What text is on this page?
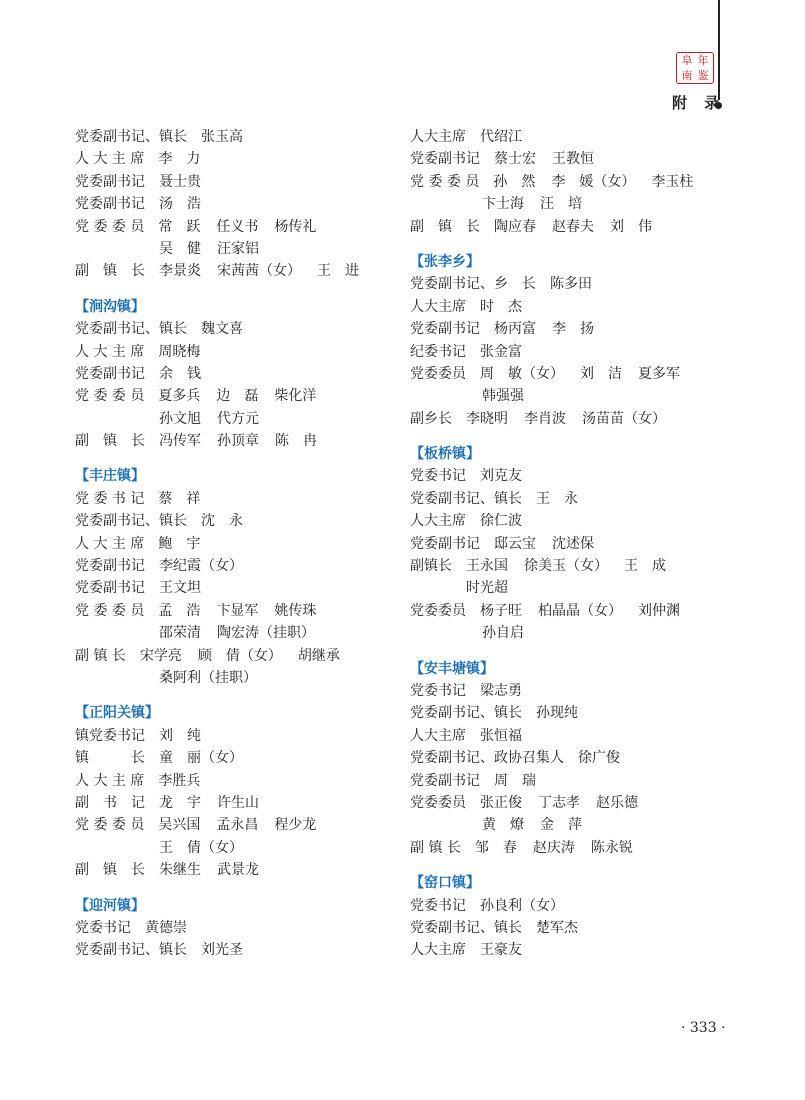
阜 年
南 鉴
附 录
党委副书记、镇长 张玉高
人 大 主 席 李　力
党委副书记 聂士贵
党委副书记 汤　浩
党 委 委 员 常　跃 任义书 杨传礼
吴　健 汪家铝
副　镇　长 李景炎 宋茜茜（女） 王　进
【涧沟镇】
党委副书记、镇长 魏文喜
人 大 主 席 周晓梅
党委副书记 余　钱
党 委 委 员 夏多兵 边　磊 柴化洋
孙文旭 代方元
副　镇　长 冯传军 孙顶章 陈　冉
【丰庄镇】
党 委 书 记 蔡　祥
党委副书记、镇长 沈　永
人 大 主 席 鲍　宇
党委副书记 李纪霞（女）
党委副书记 王文坦
党 委 委 员 孟　浩 卞显军 姚传珠
邵荣清 陶宏涛（挂职）
副 镇 长 宋学亮 顾　倩（女） 胡继承
桑阿利（挂职）
【正阳关镇】
镇党委书记 刘　纯
镇　　　长 童　丽（女）
人 大 主 席 李胜兵
副　书　记 龙　宇 许生山
党 委 委 员 吴兴国 孟永昌 程少龙
王　倩（女）
副　镇　长 朱继生 武景龙
【迎河镇】
党委书记 黄德崇
党委副书记、镇长 刘光圣
人大主席 代绍江
党委副书记 蔡士宏 王教恒
党 委 委 员 孙　然 李　媛（女） 李玉柱
卞士海 汪　培
副　镇　长 陶应春 赵春夫 刘　伟
【张李乡】
党委副书记、乡　长 陈多田
人大主席 时　杰
党委副书记 杨丙富 李　扬
纪委书记 张金富
党委委员 周　敏（女） 刘　洁 夏多军
韩强强
副乡长 李晓明 李肖波 汤苗苗（女）
【板桥镇】
党委书记 刘克友
党委副书记、镇长 王　永
人大主席 徐仁波
党委副书记 邸云宝 沈述保
副镇长 王永国 徐美玉（女） 王　成
时光超
党委委员 杨子旺 柏晶晶（女） 刘仲渊
孙自启
【安丰塘镇】
党委书记 梁志勇
党委副书记、镇长 孙现纯
人大主席 张恒福
党委副书记、政协召集人 徐广俊
党委副书记 周　瑞
党委委员 张正俊 丁志孝 赵乐德
黄　燎 金　萍
副 镇 长 邹　春 赵庆涛 陈永锐
【窑口镇】
党委书记 孙良利（女）
党委副书记、镇长 楚军杰
人大主席 王豪友
· 333 ·
